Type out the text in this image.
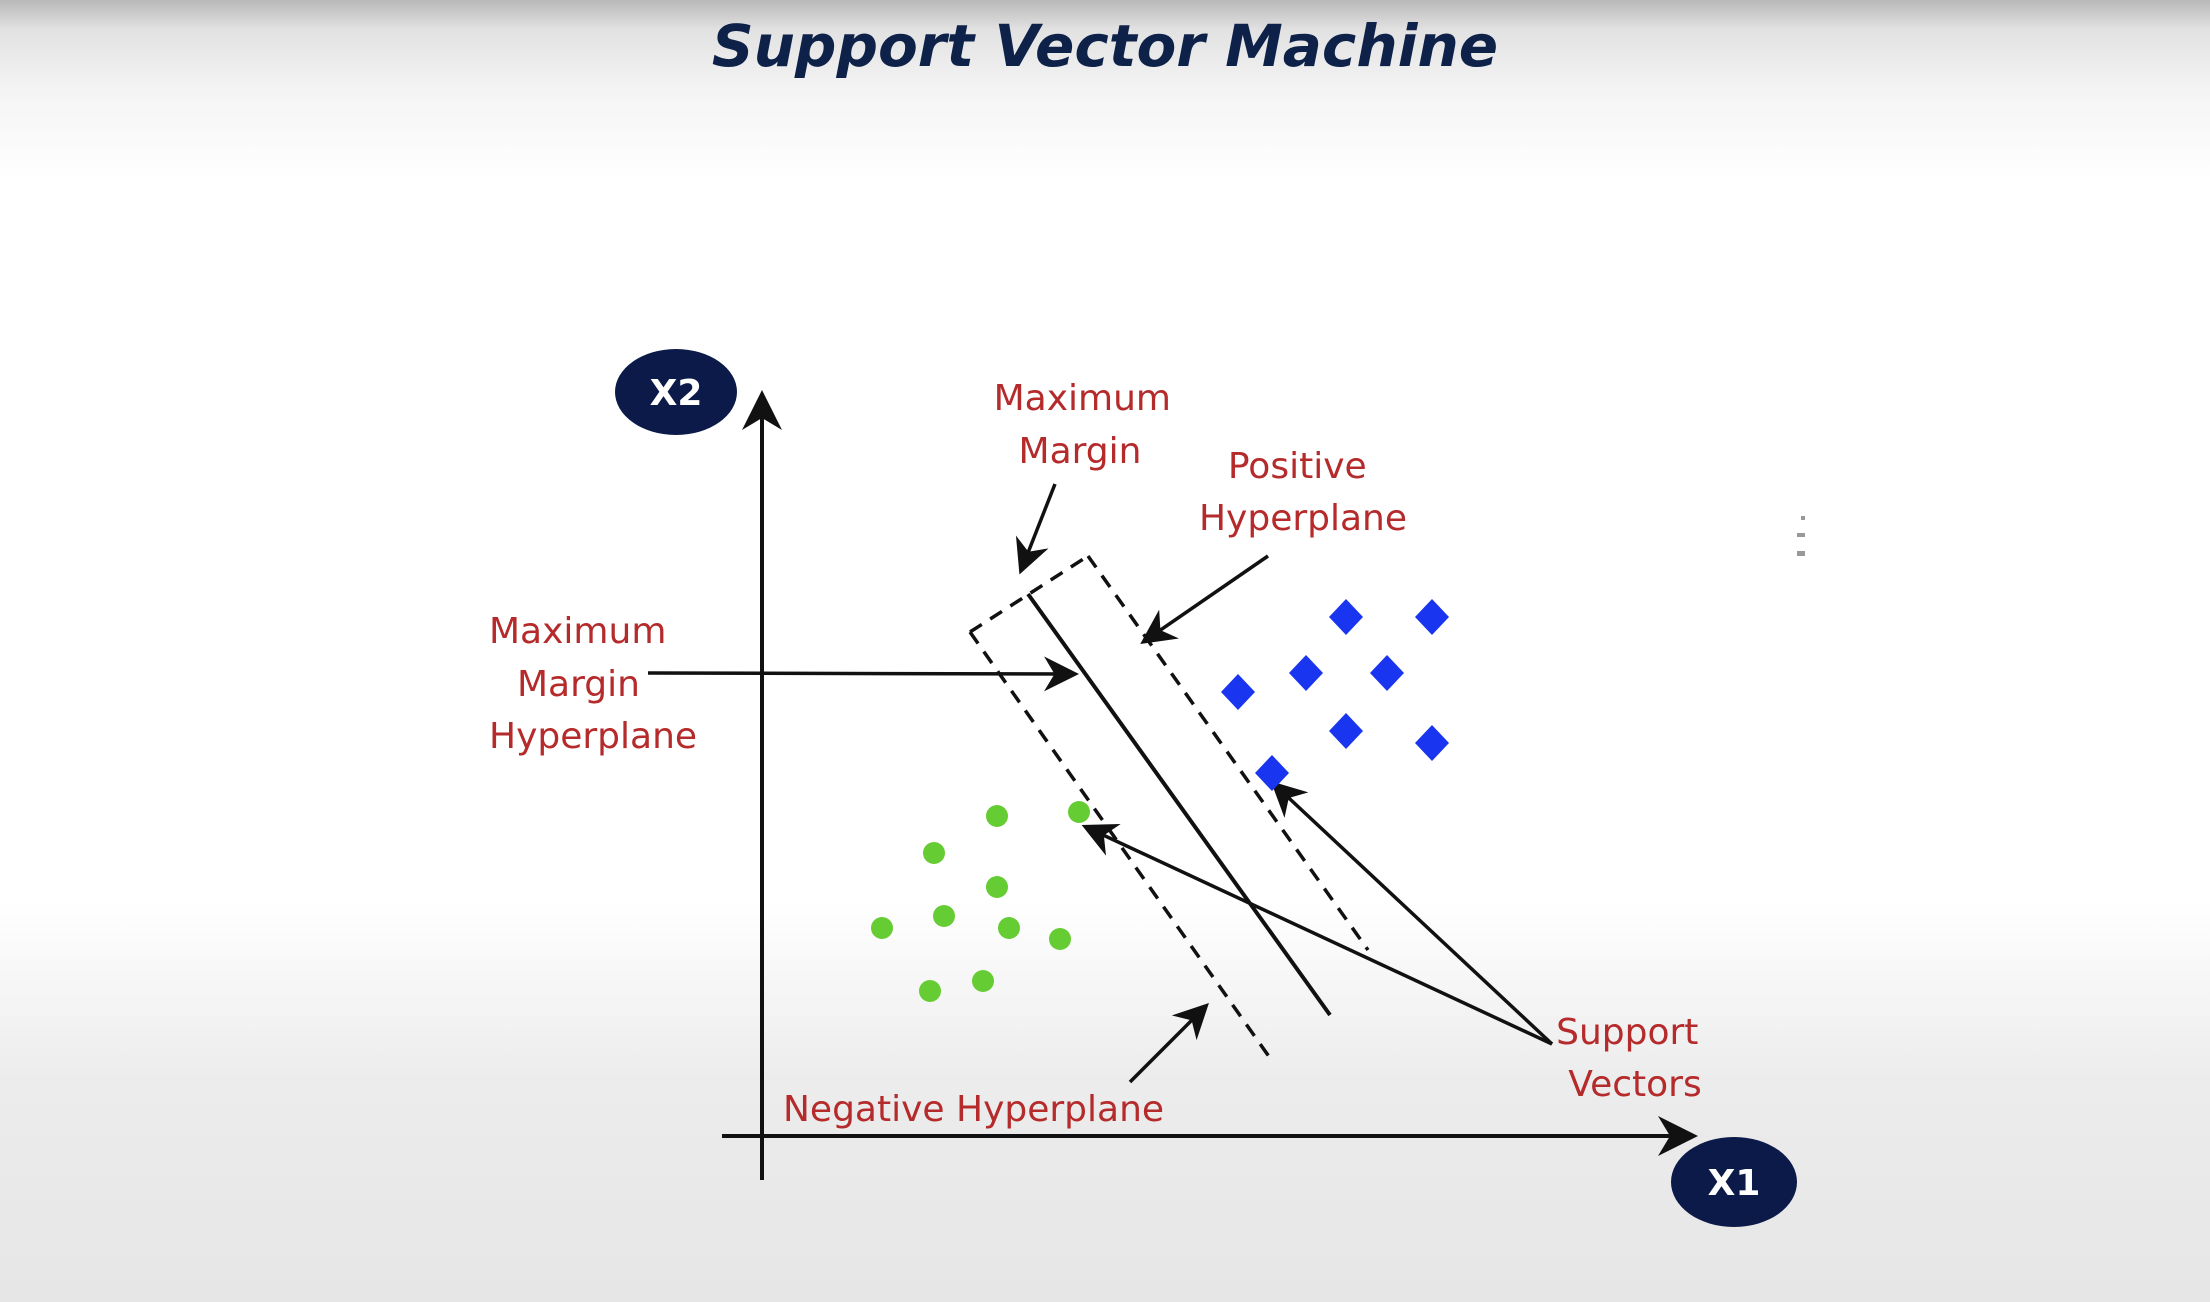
Support Vector Machine
X2
X1
Maximum Margin	Positive Hyperplane
Maximum Margin Hyperplane
Support Vectors
Negative Hyperplane
